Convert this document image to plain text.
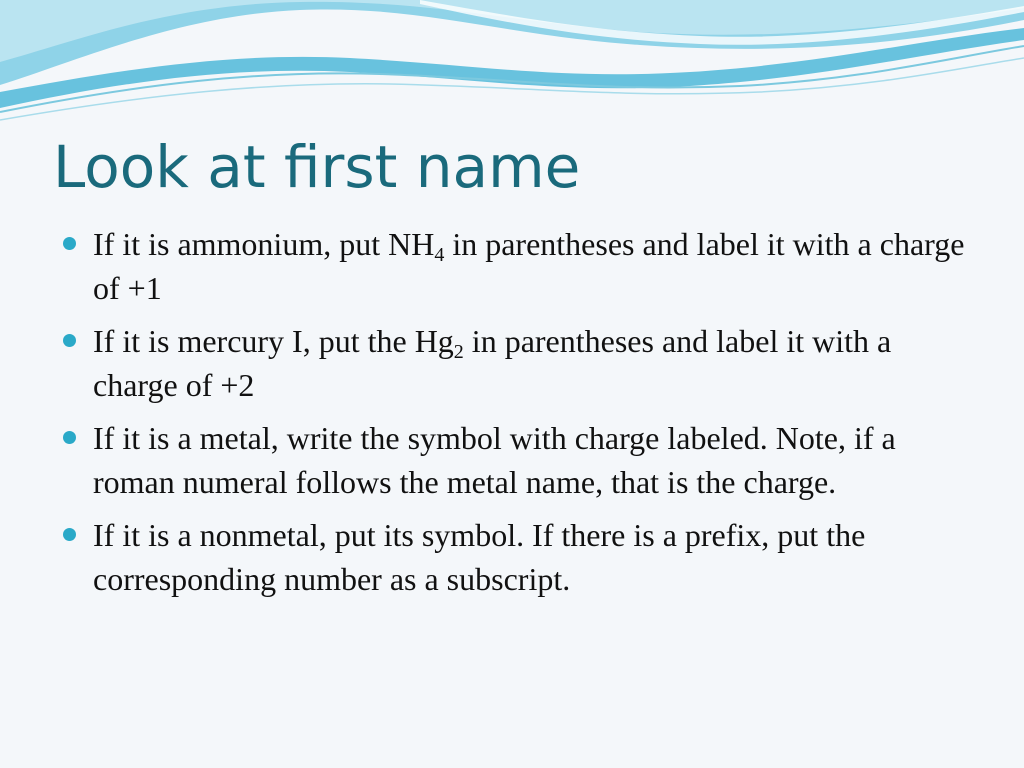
Look at first name
If it is ammonium, put $NH_4$ in parentheses and label it with a charge of +1
If it is mercury I, put the $Hg_2$ in parentheses and label it with a charge of +2
If it is a metal, write the symbol with charge labeled. Note, if a roman numeral follows the metal name, that is the charge.
If it is a nonmetal, put its symbol. If there is a prefix, put the corresponding number as a subscript.
